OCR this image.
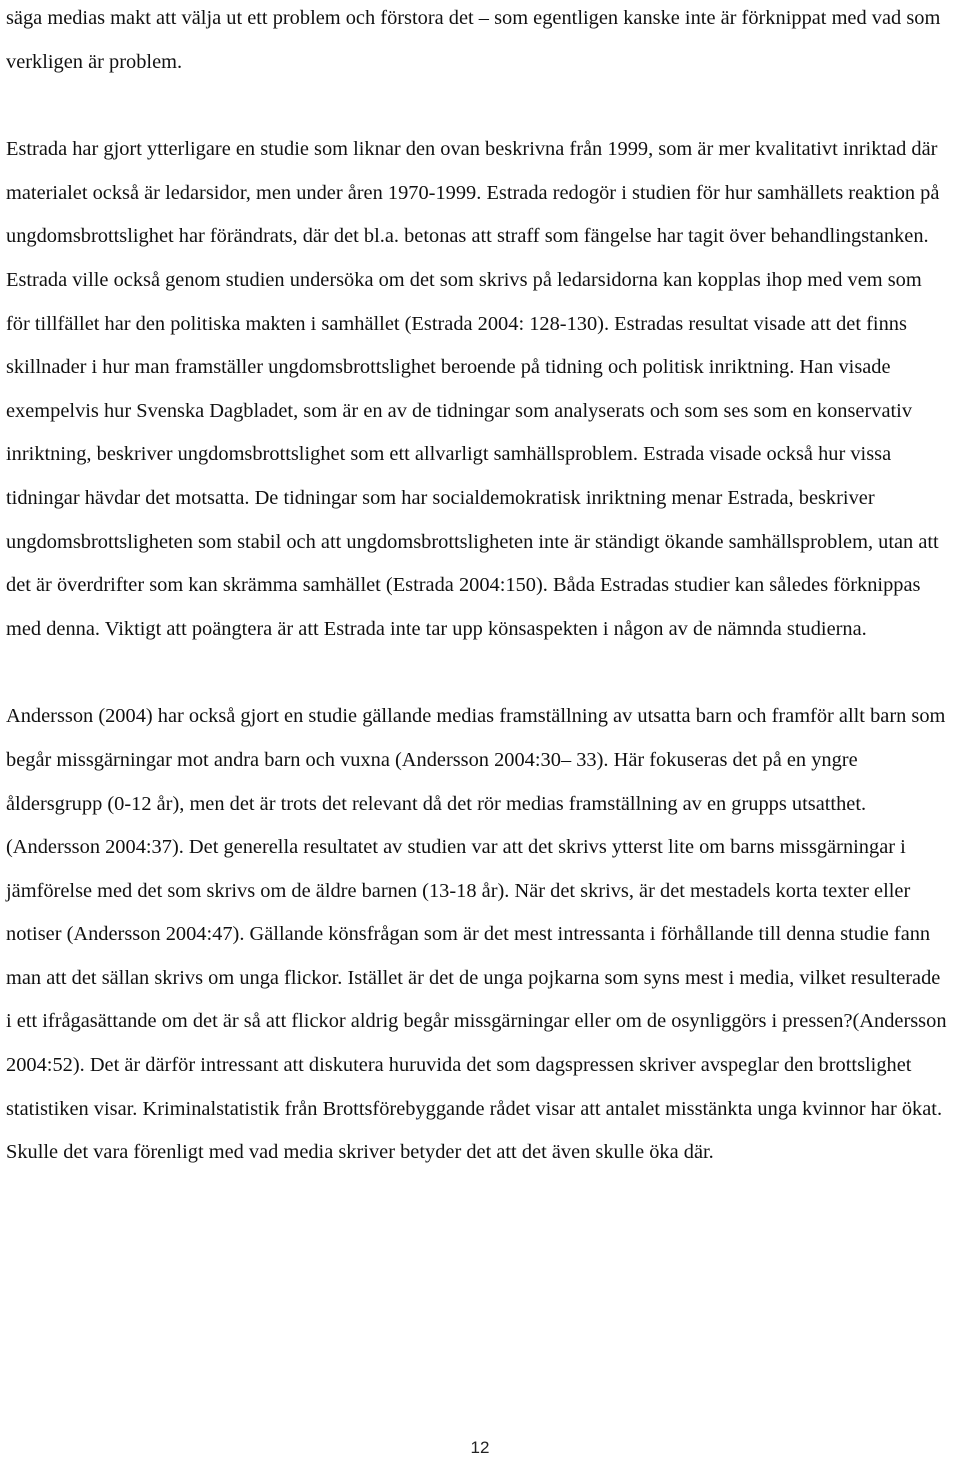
säga medias makt att välja ut ett problem och förstora det – som egentligen kanske inte är förknippat med vad som verkligen är problem.

Estrada har gjort ytterligare en studie som liknar den ovan beskrivna från 1999, som är mer kvalitativt inriktad där materialet också är ledarsidor, men under åren 1970-1999. Estrada redogör i studien för hur samhällets reaktion på ungdomsbrottslighet har förändrats, där det bl.a. betonas att straff som fängelse har tagit över behandlingstanken. Estrada ville också genom studien undersöka om det som skrivs på ledarsidorna kan kopplas ihop med vem som för tillfället har den politiska makten i samhället (Estrada 2004: 128-130). Estradas resultat visade att det finns skillnader i hur man framställer ungdomsbrottslighet beroende på tidning och politisk inriktning. Han visade exempelvis hur Svenska Dagbladet, som är en av de tidningar som analyserats och som ses som en konservativ inriktning, beskriver ungdomsbrottslighet som ett allvarligt samhällsproblem. Estrada visade också hur vissa tidningar hävdar det motsatta. De tidningar som har socialdemokratisk inriktning menar Estrada, beskriver ungdomsbrottsligheten som stabil och att ungdomsbrottsligheten inte är ständigt ökande samhällsproblem, utan att det är överdrifter som kan skrämma samhället (Estrada 2004:150). Båda Estradas studier kan således förknippas med denna. Viktigt att poängtera är att Estrada inte tar upp könsaspekten i någon av de nämnda studierna.

Andersson (2004) har också gjort en studie gällande medias framställning av utsatta barn och framför allt barn som begår missgärningar mot andra barn och vuxna (Andersson 2004:30– 33). Här fokuseras det på en yngre åldersgrupp (0-12 år), men det är trots det relevant då det rör medias framställning av en grupps utsatthet. (Andersson 2004:37). Det generella resultatet av studien var att det skrivs ytterst lite om barns missgärningar i jämförelse med det som skrivs om de äldre barnen (13-18 år). När det skrivs, är det mestadels korta texter eller notiser (Andersson 2004:47). Gällande könsfrågan som är det mest intressanta i förhållande till denna studie fann man att det sällan skrivs om unga flickor. Istället är det de unga pojkarna som syns mest i media, vilket resulterade i ett ifrågasättande om det är så att flickor aldrig begår missgärningar eller om de osynliggörs i pressen?(Andersson 2004:52). Det är därför intressant att diskutera huruvida det som dagspressen skriver avspeglar den brottslighet statistiken visar. Kriminalstatistik från Brottsförebyggande rådet visar att antalet misstänkta unga kvinnor har ökat. Skulle det vara förenligt med vad media skriver betyder det att det även skulle öka där.

12
